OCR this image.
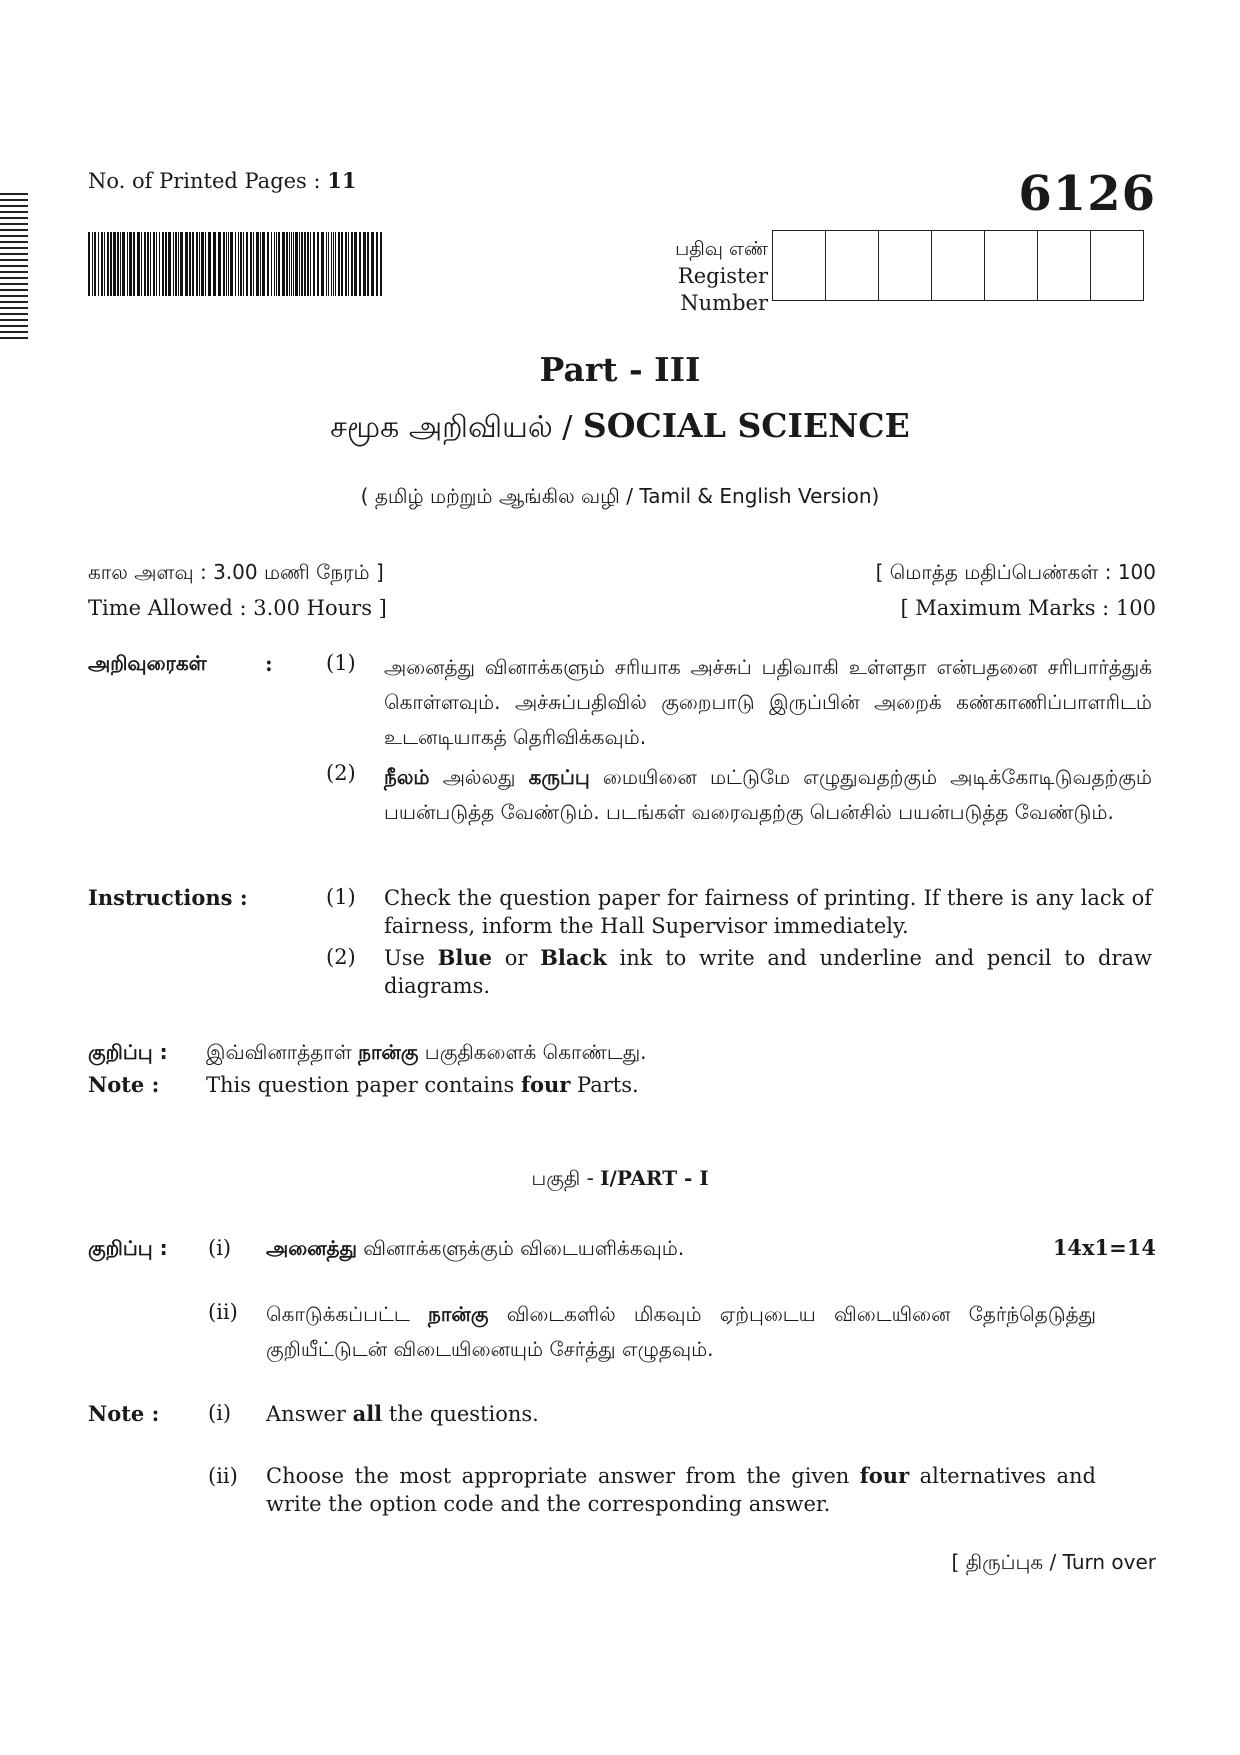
No. of Printed Pages : 11	6126
பதிவு எண்
Register
Number
Part - III
சமூக அறிவியல் / SOCIAL SCIENCE
( தமிழ் மற்றும் ஆங்கில வழி / Tamil & English Version)
கால அளவு : 3.00 மணி நேரம் ]
Time Allowed : 3.00 Hours ]
[ மொத்த மதிப்பெண்கள் : 100
[ Maximum Marks : 100
அறிவுரைகள்	:	(1) அனைத்து வினாக்களும் சரியாக அச்சுப் பதிவாகி உள்ளதா என்பதனை சரிபார்த்துக் கொள்ளவும். அச்சுப்பதிவில் குறைபாடு இருப்பின் அறைக் கண்காணிப்பாளரிடம் உடனடியாகத் தெரிவிக்கவும்.
(2) நீலம் அல்லது கருப்பு மையினை மட்டுமே எழுதுவதற்கும் அடிக்கோடிடுவதற்கும் பயன்படுத்த வேண்டும். படங்கள் வரைவதற்கு பென்சில் பயன்படுத்த வேண்டும்.
Instructions :	(1) Check the question paper for fairness of printing. If there is any lack of fairness, inform the Hall Supervisor immediately.
(2) Use Blue or Black ink to write and underline and pencil to draw diagrams.
குறிப்பு : இவ்வினாத்தாள் நான்கு பகுதிகளைக் கொண்டது.
Note : This question paper contains four Parts.
பகுதி - I/PART - I
குறிப்பு : (i) அனைத்து வினாக்களுக்கும் விடையளிக்கவும்.	14x1=14
(ii) கொடுக்கப்பட்ட நான்கு விடைகளில் மிகவும் ஏற்புடைய விடையினை தேர்ந்தெடுத்து குறியீட்டுடன் விடையினையும் சேர்த்து எழுதவும்.
Note : (i) Answer all the questions.
(ii) Choose the most appropriate answer from the given four alternatives and write the option code and the corresponding answer.
[ திருப்புக / Turn over
